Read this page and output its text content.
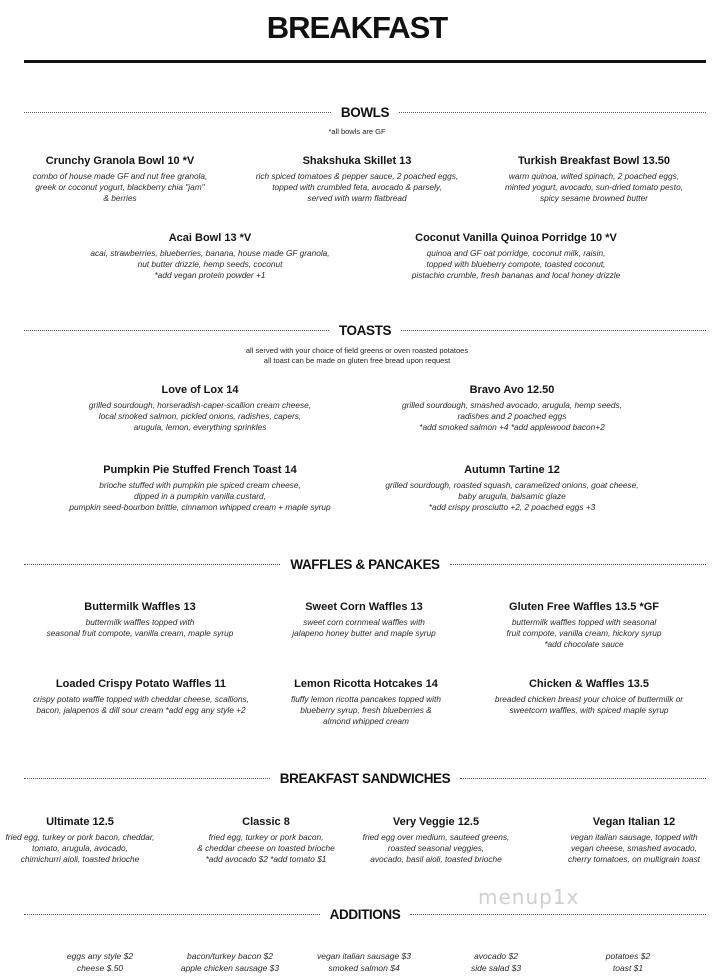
BREAKFAST
BOWLS
*all bowls are GF
Crunchy Granola Bowl 10 *V
combo of house made GF and nut free granola,
greek or coconut yogurt, blackberry chia "jam"
& berries
Shakshuka Skillet 13
rich spiced tomatoes & pepper sauce, 2 poached eggs,
topped with crumbled feta, avocado & parsely,
served with warm flatbread
Turkish Breakfast Bowl 13.50
warm quinoa, wilted spinach, 2 poached eggs,
minted yogurt, avocado, sun-dried tomato pesto,
spicy sesame browned butter
Acai Bowl 13 *V
acai, strawberries, blueberries, banana, house made GF granola,
nut butter drizzle, hemp seeds, coconut
*add vegan protein powder +1
Coconut Vanilla Quinoa Porridge 10 *V
quinoa and GF oat porridge, coconut milk, raisin,
topped with blueberry compote, toasted coconut,
pistachio crumble, fresh bananas and local honey drizzle
TOASTS
all served with your choice of field greens or oven roasted potatoes
all toast can be made on gluten free bread upon request
Love of Lox 14
grilled sourdough, horseradish-caper-scallion cream cheese,
local smoked salmon, pickled onions, radishes, capers,
arugula, lemon, everything sprinkles
Bravo Avo 12.50
grilled sourdough, smashed avocado, arugula, hemp seeds,
radishes and 2 poached eggs
*add smoked salmon +4 *add applewood bacon+2
Pumpkin Pie Stuffed French Toast 14
brioche stuffed with pumpkin pie spiced cream cheese,
dipped in a pumpkin vanilla custard,
pumpkin seed-bourbon brittle, cinnamon whipped cream + maple syrup
Autumn Tartine 12
grilled sourdough, roasted squash, caramelized onions, goat cheese,
baby arugula, balsamic glaze
*add crispy prosciutto +2, 2 poached eggs +3
WAFFLES & PANCAKES
Buttermilk Waffles 13
buttermilk waffles topped with
seasonal fruit compote, vanilla cream, maple syrup
Sweet Corn Waffles 13
sweet corn cornmeal waffles with
jalapeno honey butter and maple syrup
Gluten Free Waffles 13.5 *GF
buttermilk waffles topped with seasonal
fruit compote, vanilla cream, hickory syrup
*add chocolate sauce
Loaded Crispy Potato Waffles 11
crispy potato waffle topped with cheddar cheese, scallions,
bacon, jalapenos & dill sour cream *add egg any style +2
Lemon Ricotta Hotcakes 14
fluffy lemon ricotta pancakes topped with
blueberry syrup, fresh blueberries &
almond whipped cream
Chicken & Waffles 13.5
breaded chicken breast your choice of buttermilk or
sweetcorn waffles, with spiced maple syrup
BREAKFAST SANDWICHES
Ultimate 12.5
fried egg, turkey or pork bacon, cheddar,
tomato, arugula, avocado,
chimichurri aioli, toasted brioche
Classic 8
fried egg, turkey or pork bacon,
& cheddar cheese on toasted brioche
*add avocado $2 *add tomato $1
Very Veggie 12.5
fried egg over medium, sauteed greens,
roasted seasonal veggies,
avocado, basil aioli, toasted brioche
Vegan Italian 12
vegan italian sausage, topped with
vegan cheese, smashed avocado,
cherry tomatoes, on multigrain toast
menup1x
ADDITIONS
eggs any style $2
cheese $.50
bacon/turkey bacon $2
apple chicken sausage $3
vegan italian sausage $3
smoked salmon $4
avocado $2
side salad $3
potatoes $2
toast $1
